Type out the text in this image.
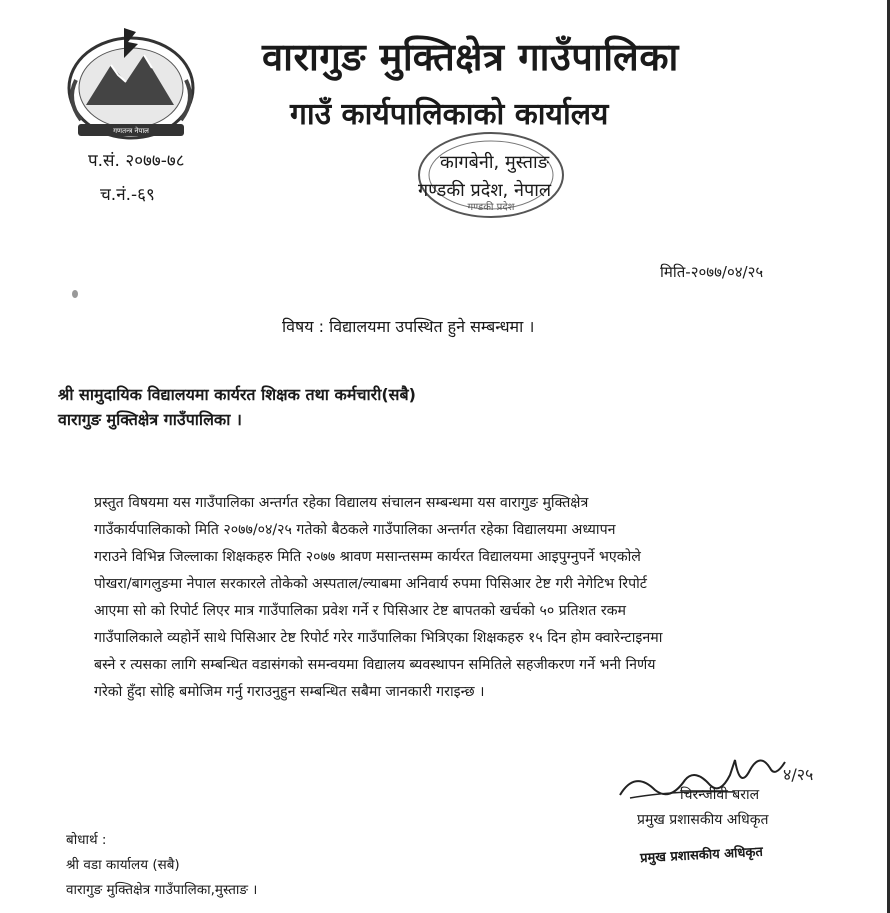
गणतन्त्र नेपाल
वारागुङ मुक्तिक्षेत्र गाउँपालिका
गाउँ कार्यपालिकाको कार्यालय
गण्डकी प्रदेश
कागबेनी, मुस्ताङ
गण्डकी प्रदेश, नेपाल
प.सं. २०७७-७८
च.नं.-६९
मिति-२०७७/०४/२५
विषय : विद्यालयमा उपस्थित हुने सम्बन्धमा ।
श्री सामुदायिक विद्यालयमा कार्यरत शिक्षक तथा कर्मचारी(सबै)
वारागुङ मुक्तिक्षेत्र गाउँपालिका ।
प्रस्तुत विषयमा यस गाउँपालिका अन्तर्गत रहेका विद्यालय संचालन सम्बन्धमा यस वारागुङ मुक्तिक्षेत्र
गाउँकार्यपालिकाको मिति २०७७/०४/२५ गतेको बैठकले गाउँपालिका अन्तर्गत रहेका विद्यालयमा अध्यापन
गराउने विभिन्न जिल्लाका शिक्षकहरु मिति २०७७ श्रावण मसान्तसम्म कार्यरत विद्यालयमा आइपुग्नुपर्ने भएकोले
पोखरा/बागलुङमा नेपाल सरकारले तोकेको अस्पताल/ल्याबमा अनिवार्य रुपमा पिसिआर टेष्ट गरी नेगेटिभ रिपोर्ट
आएमा सो को रिपोर्ट लिएर मात्र गाउँपालिका प्रवेश गर्ने र पिसिआर टेष्ट बापतको खर्चको ५० प्रतिशत रकम
गाउँपालिकाले व्यहोर्ने साथे पिसिआर टेष्ट रिपोर्ट गरेर गाउँपालिका भित्रिएका शिक्षकहरु १५ दिन होम क्वारेन्टाइनमा
बस्ने र त्यसका लागि सम्बन्धित वडासंगको समन्वयमा विद्यालय ब्यवस्थापन समितिले सहजीकरण गर्ने भनी निर्णय
गरेको हुँदा सोहि बमोजिम गर्नु गराउनुहुन सम्बन्धित सबैमा जानकारी गराइन्छ ।
४/२५
चिरन्जीवी बराल
प्रमुख प्रशासकीय अधिकृत
प्रमुख प्रशासकीय अधिकृत
बोधार्थ :
श्री वडा कार्यालय (सबै)
वारागुङ मुक्तिक्षेत्र गाउँपालिका,मुस्ताङ ।
